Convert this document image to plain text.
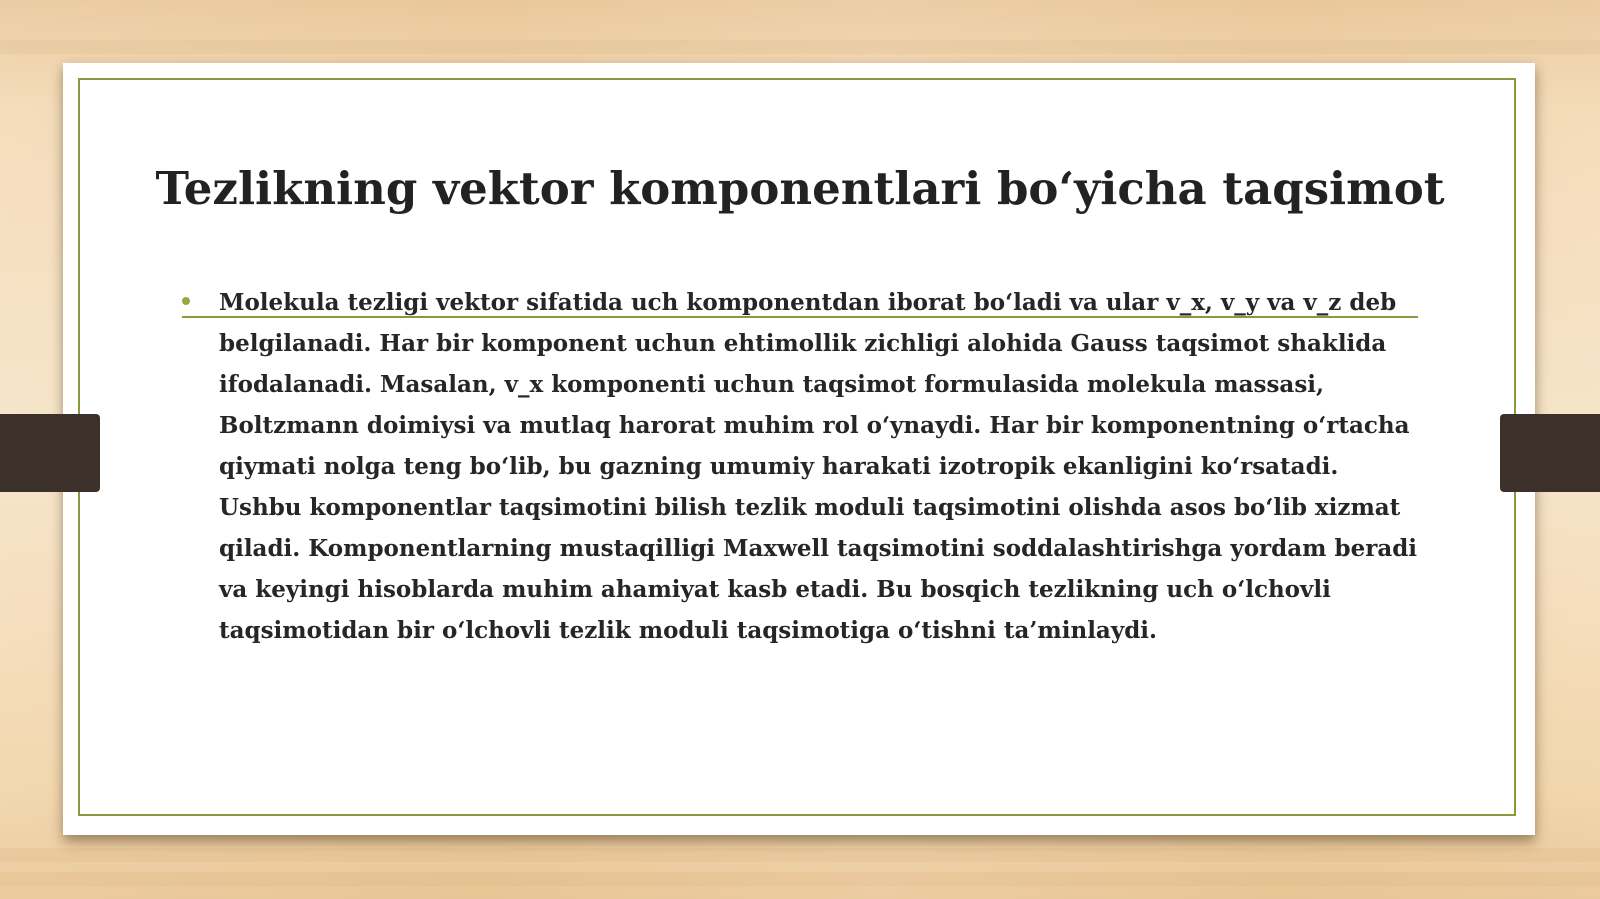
Tezlikning vektor komponentlari bo‘yicha taqsimot

Molekula tezligi vektor sifatida uch komponentdan iborat bo‘ladi va ular v_x, v_y va v_z deb belgilanadi. Har bir komponent uchun ehtimollik zichligi alohida Gauss taqsimot shaklida ifodalanadi. Masalan, v_x komponenti uchun taqsimot formulasida molekula massasi, Boltzmann doimiysi va mutlaq harorat muhim rol o‘ynaydi. Har bir komponentning o‘rtacha qiymati nolga teng bo‘lib, bu gazning umumiy harakati izotropik ekanligini ko‘rsatadi. Ushbu komponentlar taqsimotini bilish tezlik moduli taqsimotini olishda asos bo‘lib xizmat qiladi. Komponentlarning mustaqilligi Maxwell taqsimotini soddalashtirishga yordam beradi va keyingi hisoblarda muhim ahamiyat kasb etadi. Bu bosqich tezlikning uch o‘lchovli taqsimotidan bir o‘lchovli tezlik moduli taqsimotiga o‘tishni ta’minlaydi.
